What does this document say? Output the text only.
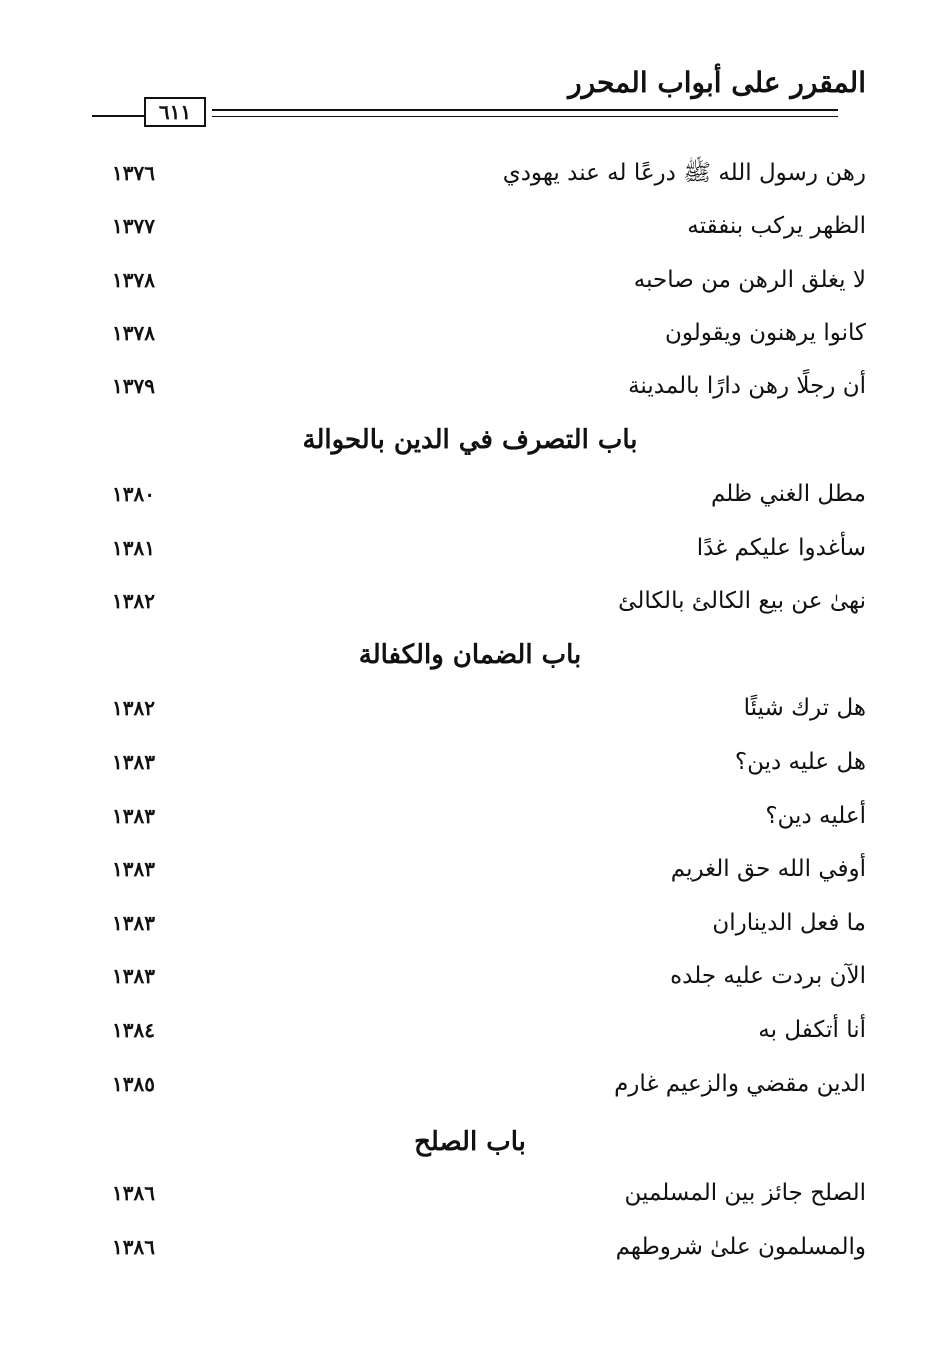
المقرر على أبواب المحرر
٦١١
رهن رسول الله ﷺ درعًا له عند يهودي
١٣٧٦
الظهر يركب بنفقته
١٣٧٧
لا يغلق الرهن من صاحبه
١٣٧٨
كانوا يرهنون ويقولون
١٣٧٨
أن رجلًا رهن دارًا بالمدينة
١٣٧٩
باب التصرف في الدين بالحوالة
مطل الغني ظلم
١٣٨٠
سأغدوا عليكم غدًا
١٣٨١
نهىٰ عن بيع الكالئ بالكالئ
١٣٨٢
باب الضمان والكفالة
هل ترك شيئًا
١٣٨٢
هل عليه دين؟
١٣٨٣
أعليه دين؟
١٣٨٣
أوفي الله حق الغريم
١٣٨٣
ما فعل الديناران
١٣٨٣
الآن بردت عليه جلده
١٣٨٣
أنا أتكفل به
١٣٨٤
الدين مقضي والزعيم غارم
١٣٨٥
باب الصلح
الصلح جائز بين المسلمين
١٣٨٦
والمسلمون علىٰ شروطهم
١٣٨٦
